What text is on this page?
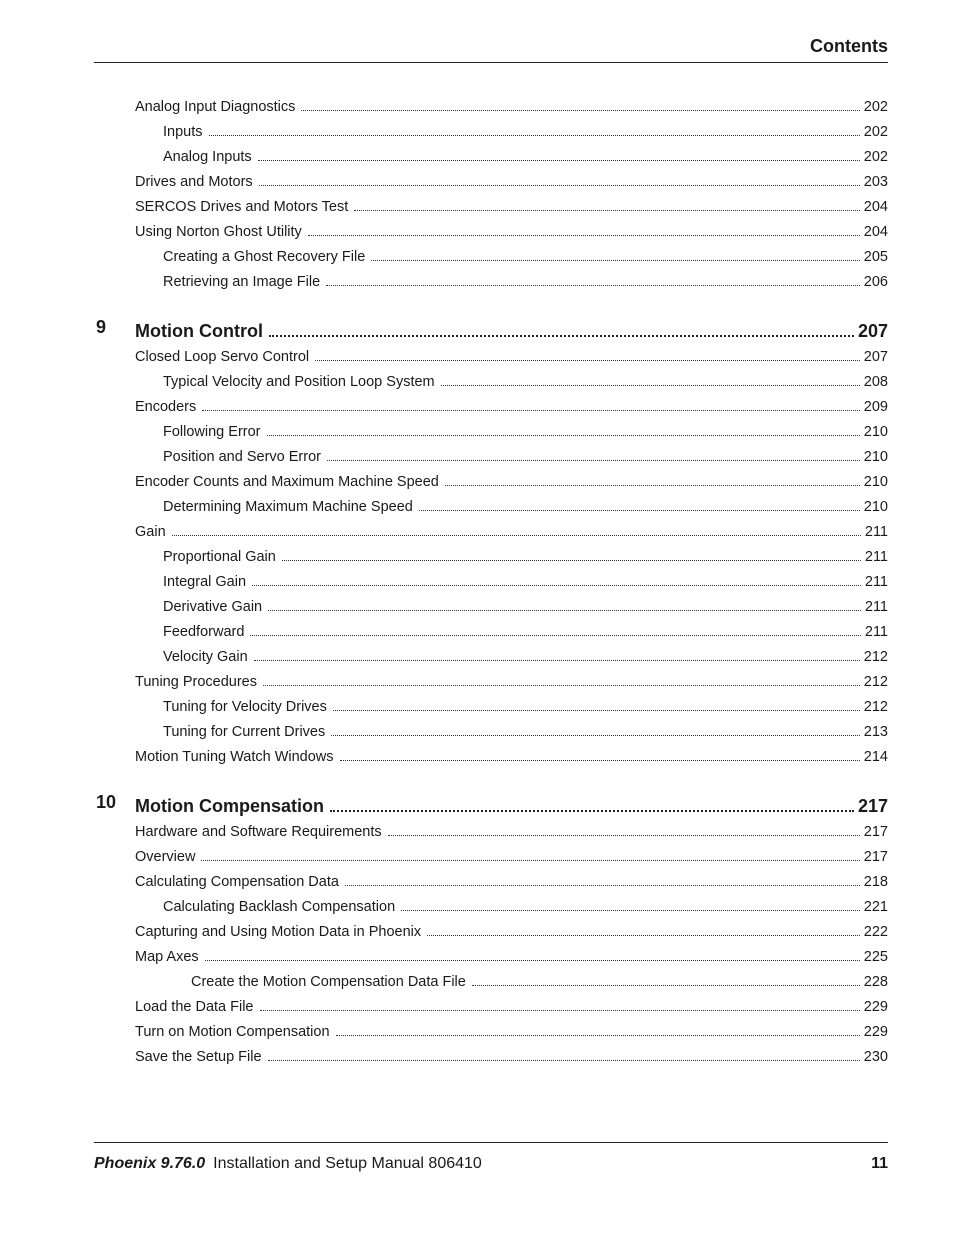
Contents
Analog Input Diagnostics	202
Inputs	202
Analog Inputs	202
Drives and Motors	203
SERCOS Drives and Motors Test	204
Using Norton Ghost Utility	204
Creating a Ghost Recovery File	205
Retrieving an Image File	206
9	Motion Control	207
Closed Loop Servo Control	207
Typical Velocity and Position Loop System	208
Encoders	209
Following Error	210
Position and Servo Error	210
Encoder Counts and Maximum Machine Speed	210
Determining Maximum Machine Speed	210
Gain	211
Proportional Gain	211
Integral Gain	211
Derivative Gain	211
Feedforward	211
Velocity Gain	212
Tuning Procedures	212
Tuning for Velocity Drives	212
Tuning for Current Drives	213
Motion Tuning Watch Windows	214
10	Motion Compensation	217
Hardware and Software Requirements	217
Overview	217
Calculating Compensation Data	218
Calculating Backlash Compensation	221
Capturing and Using Motion Data in Phoenix	222
Map Axes	225
Create the Motion Compensation Data File	228
Load the Data File	229
Turn on Motion Compensation	229
Save the Setup File	230
Phoenix 9.76.0 Installation and Setup Manual 806410	11
